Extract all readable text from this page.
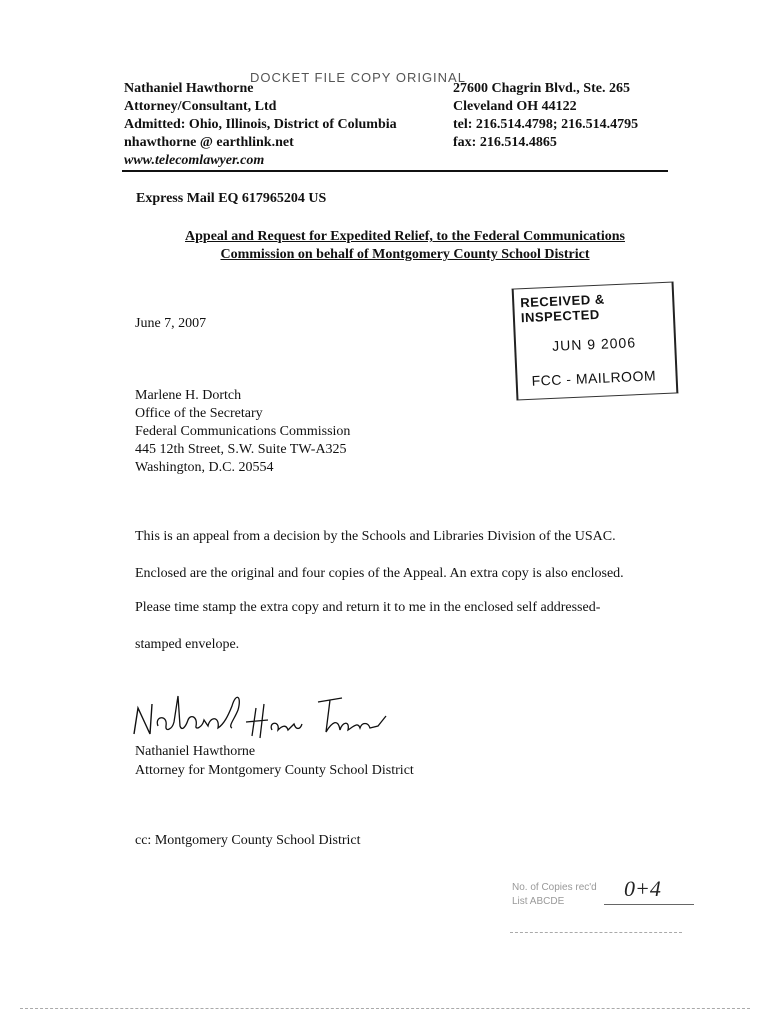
DOCKET FILE COPY ORIGINAL
Nathaniel Hawthorne
Attorney/Consultant, Ltd
Admitted: Ohio, Illinois, District of Columbia
nhawthorne @ earthlink.net
www.telecomlawyer.com
27600 Chagrin Blvd., Ste. 265
Cleveland OH 44122
tel: 216.514.4798; 216.514.4795
fax: 216.514.4865
Express Mail EQ 617965204 US
Appeal and Request for Expedited Relief, to the Federal Communications
Commission on behalf of Montgomery County School District
June 7, 2007
RECEIVED & INSPECTED
JUN 9 2006
FCC - MAILROOM
Marlene H. Dortch
Office of the Secretary
Federal Communications Commission
445 12th Street, S.W. Suite TW-A325
Washington, D.C. 20554
This is an appeal from a decision by the Schools and Libraries Division of the USAC.
Enclosed are the original and four copies of the Appeal. An extra copy is also enclosed.
Please time stamp the extra copy and return it to me in the enclosed self addressed-
stamped envelope.
Nathaniel Hawthorne
Attorney for Montgomery County School District
cc: Montgomery County School District
No. of Copies rec'd
List ABCDE
0+4
